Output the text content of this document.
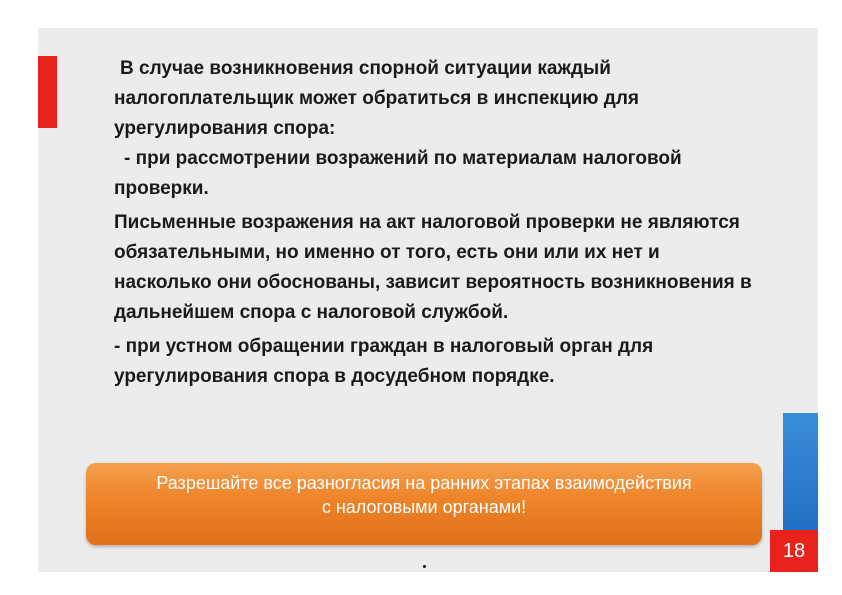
В случае возникновения спорной ситуации каждый налогоплательщик может обратиться в инспекцию для урегулирования спора:

- при рассмотрении возражений по материалам налоговой проверки.

Письменные возражения на акт налоговой проверки не являются обязательными, но именно от того, есть они или их нет и насколько они обоснованы, зависит вероятность возникновения в дальнейшем спора с налоговой службой.

- при устном обращении граждан в налоговый орган для урегулирования спора в досудебном порядке.

Разрешайте все разногласия на ранних этапах взаимодействия
с налоговыми органами!
18
